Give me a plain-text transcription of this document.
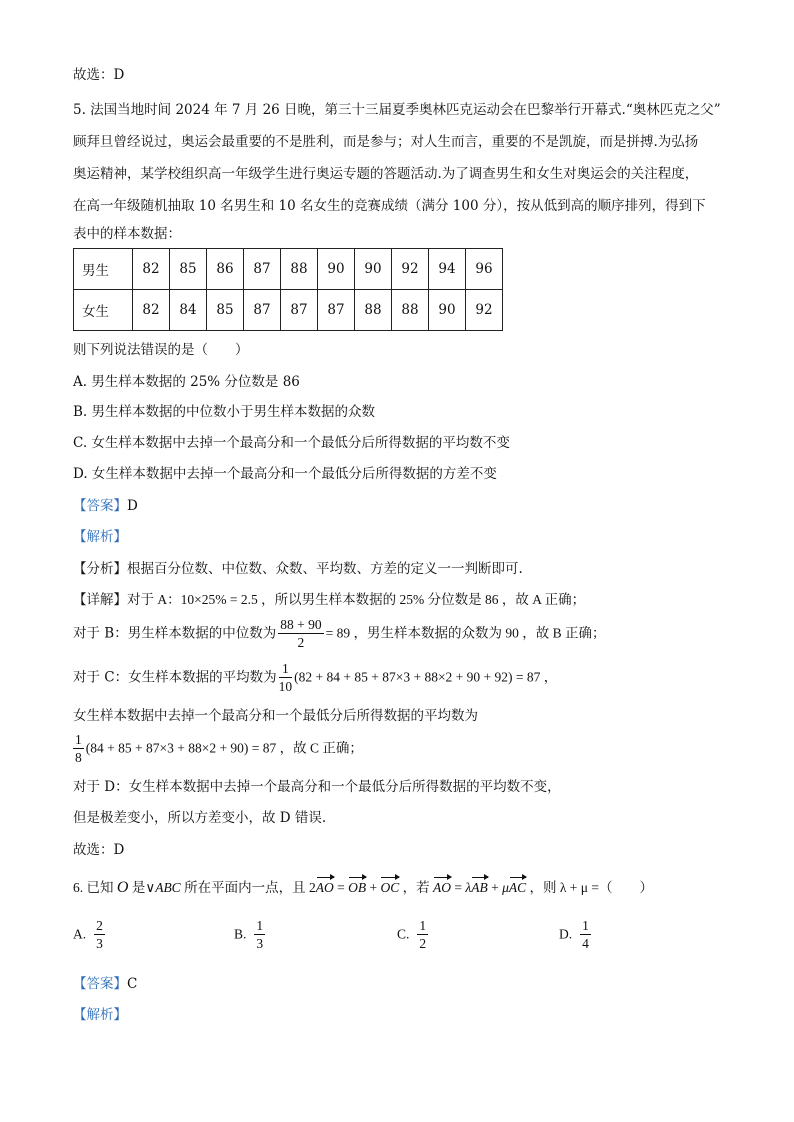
故选：D
5. 法国当地时间 2024 年 7 月 26 日晚，第三十三届夏季奥林匹克运动会在巴黎举行开幕式.“奥林匹克之父”
顾拜旦曾经说过，奥运会最重要的不是胜利，而是参与；对人生而言，重要的不是凯旋，而是拼搏.为弘扬
奥运精神，某学校组织高一年级学生进行奥运专题的答题活动.为了调查男生和女生对奥运会的关注程度，
在高一年级随机抽取 10 名男生和 10 名女生的竞赛成绩（满分 100 分），按从低到高的顺序排列，得到下
表中的样本数据：
男生	82	85	86	87	88	90	90	92	94	96
女生	82	84	85	87	87	87	88	88	90	92
则下列说法错误的是（　　）
A. 男生样本数据的 25% 分位数是 86
B. 男生样本数据的中位数小于男生样本数据的众数
C. 女生样本数据中去掉一个最高分和一个最低分后所得数据的平均数不变
D. 女生样本数据中去掉一个最高分和一个最低分后所得数据的方差不变
【答案】D
【解析】
【分析】根据百分位数、中位数、众数、平均数、方差的定义一一判断即可.
【详解】对于 A：10×25% = 2.5 ，所以男生样本数据的 25% 分位数是 86 ，故 A 正确；
对于 B：男生样本数据的中位数为 $\frac{88 + 90}{2} = 89$ ，男生样本数据的众数为 90 ，故 B 正确；
对于 C：女生样本数据的平均数为 $\frac{1}{10} (82 + 84 + 85 + 87\times 3 + 88\times 2 + 90 + 92) = 87$ ，
女生样本数据中去掉一个最高分和一个最低分后所得数据的平均数为
$\frac{1}{8} (84 + 85 + 87\times 3 + 88\times 2 + 90) = 87$ ，故 C 正确；
对于 D：女生样本数据中去掉一个最高分和一个最低分后所得数据的平均数不变，
但是极差变小，所以方差变小，故 D 错误.
故选：D
6. 已知 O 是∨ABC 所在平面内一点，且 2AO = OB + OC ，若 AO = λAB + μAC ，则 λ + μ =（　　）
A. $\frac{2}{3}$	B. $\frac{1}{3}$	C. $\frac{1}{2}$	D. $\frac{1}{4}$
【答案】C
【解析】
